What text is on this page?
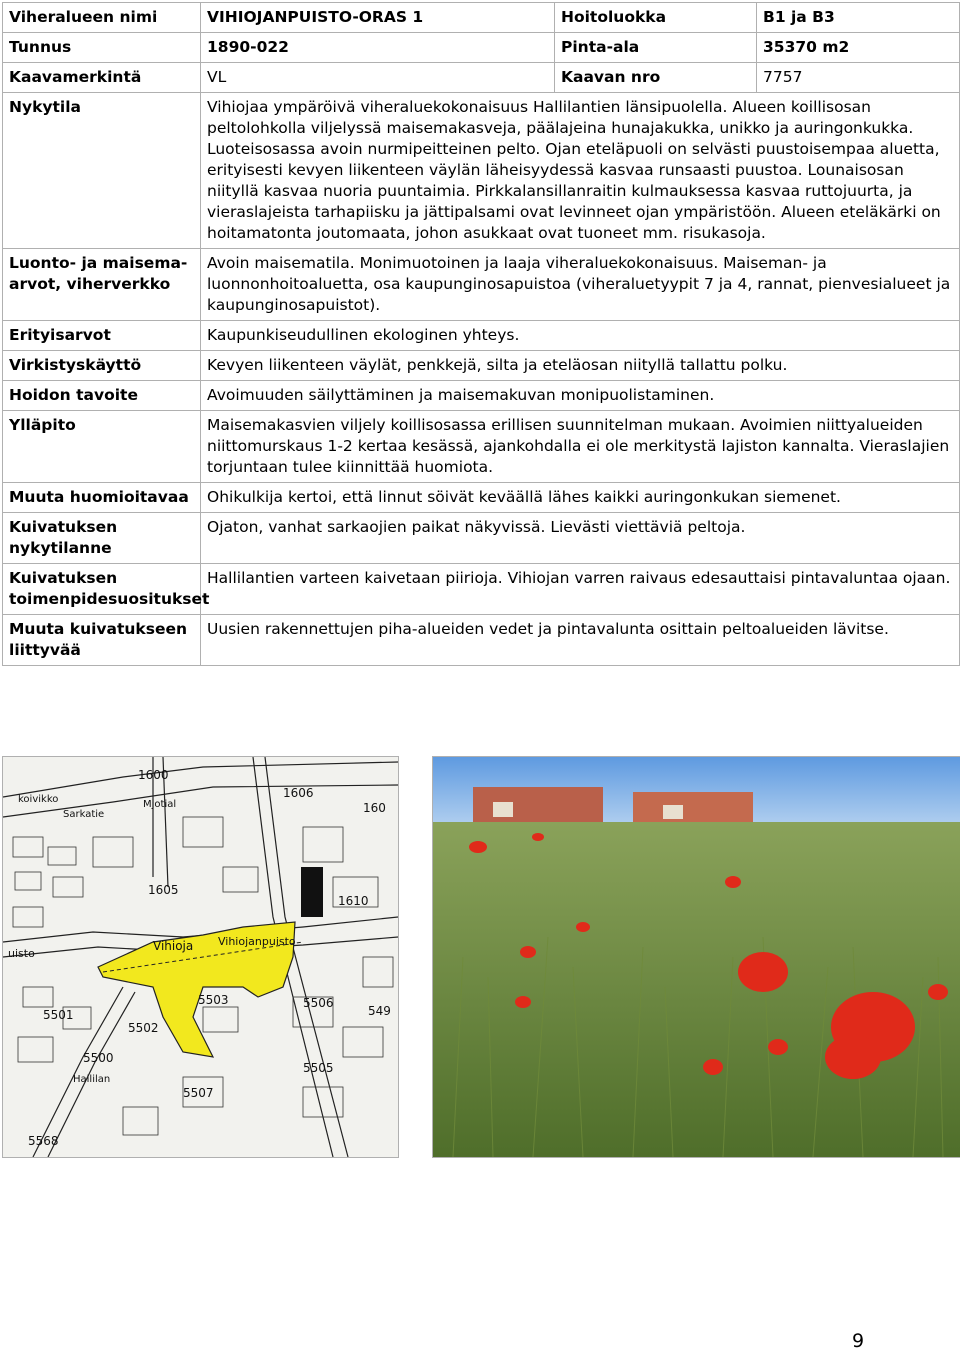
Viheralueen nimi	VIHIOJANPUISTO-ORAS 1	Hoitoluokka	B1 ja B3
Tunnus	1890-022	Pinta-ala	35370 m2
Kaavamerkintä	VL	Kaavan nro	7757
Nykytila	Vihiojaa ympäröivä viheraluekokonaisuus Hallilantien länsipuolella. Alueen koillisosan peltolohkolla viljelyssä maisemakasveja, päälajeina hunajakukka, unikko ja auringonkukka. Luoteisosassa avoin nurmipeitteinen pelto. Ojan eteläpuoli on selvästi puustoisempaa aluetta, erityisesti kevyen liikenteen väylän läheisyydessä kasvaa runsaasti puustoa. Lounaisosan niityllä kasvaa nuoria puuntaimia. Pirkkalansillanraitin kulmauksessa kasvaa ruttojuurta, ja vieraslajeista tarhapiisku ja jättipalsami ovat levinneet ojan ympäristöön. Alueen eteläkärki on hoitamatonta joutomaata, johon asukkaat ovat tuoneet mm. risukasoja.		
Luonto- ja maisema-arvot, viherverkko	Avoin maisematila. Monimuotoinen ja laaja viheraluekokonaisuus. Maiseman- ja luonnonhoitoaluetta, osa kaupunginosapuistoa (viheraluetyypit 7 ja 4, rannat, pienvesialueet ja kaupunginosapuistot).		
Erityisarvot	Kaupunkiseudullinen ekologinen yhteys.		
Virkistyskäyttö	Kevyen liikenteen väylät, penkkejä, silta ja eteläosan niityllä tallattu polku.		
Hoidon tavoite	Avoimuuden säilyttäminen ja maisemakuvan monipuolistaminen.		
Ylläpito	Maisemakasvien viljely koillisosassa erillisen suunnitelman mukaan. Avoimien niittyalueiden niittomurskaus 1-2 kertaa kesässä, ajankohdalla ei ole merkitystä lajiston kannalta. Vieraslajien torjuntaan tulee kiinnittää huomiota.		
Muuta huomioitavaa	Ohikulkija kertoi, että linnut söivät keväällä lähes kaikki auringonkukan siemenet.		
Kuivatuksen nykytilanne	Ojaton, vanhat sarkaojien paikat näkyvissä. Lievästi viettäviä peltoja.		
Kuivatuksen toimenpidesuositukset	Hallilantien varteen kaivetaan piirioja. Vihiojan varren raivaus edesauttaisi pintavaluntaa ojaan.		
Muuta kuivatukseen liittyvää	Uusien rakennettujen piha-alueiden vedet ja pintavalunta osittain peltoalueiden lävitse.		
1600
1606
160
1605
1610
Vihioja Vihiojanpuisto
5503	5506
5501
5502
5500
5507
5505
549
5568
Mjotial
koivikko
Hallilan
uisto
Sarkatie
9
